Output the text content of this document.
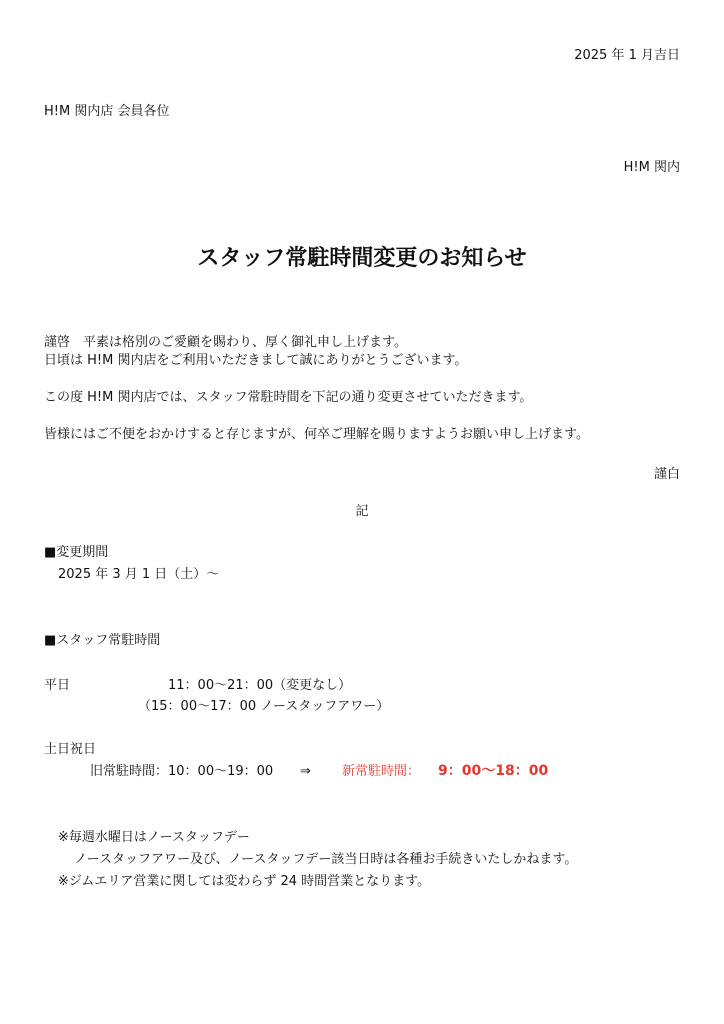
2025 年 1 月吉日
H!M 関内店 会員各位
H!M 関内
スタッフ常駐時間変更のお知らせ
謹啓　平素は格別のご愛顧を賜わり、厚く御礼申し上げます。
日頃は H!M 関内店をご利用いただきまして誠にありがとうございます。
この度 H!M 関内店では、スタッフ常駐時間を下記の通り変更させていただきます。
皆様にはご不便をおかけすると存じますが、何卒ご理解を賜りますようお願い申し上げます。
謹白
記
■変更期間
2025 年 3 月 1 日（土）～
■スタッフ常駐時間
平日	11：00～21：00（変更なし）
（15：00～17：00 ノースタッフアワー）
土日祝日
旧常駐時間：10：00～19：00 ⇒ 新常駐時間： 9：00～18：00
※毎週水曜日はノースタッフデー
ノースタッフアワー及び、ノースタッフデー該当日時は各種お手続きいたしかねます。
※ジムエリア営業に関しては変わらず 24 時間営業となります。
